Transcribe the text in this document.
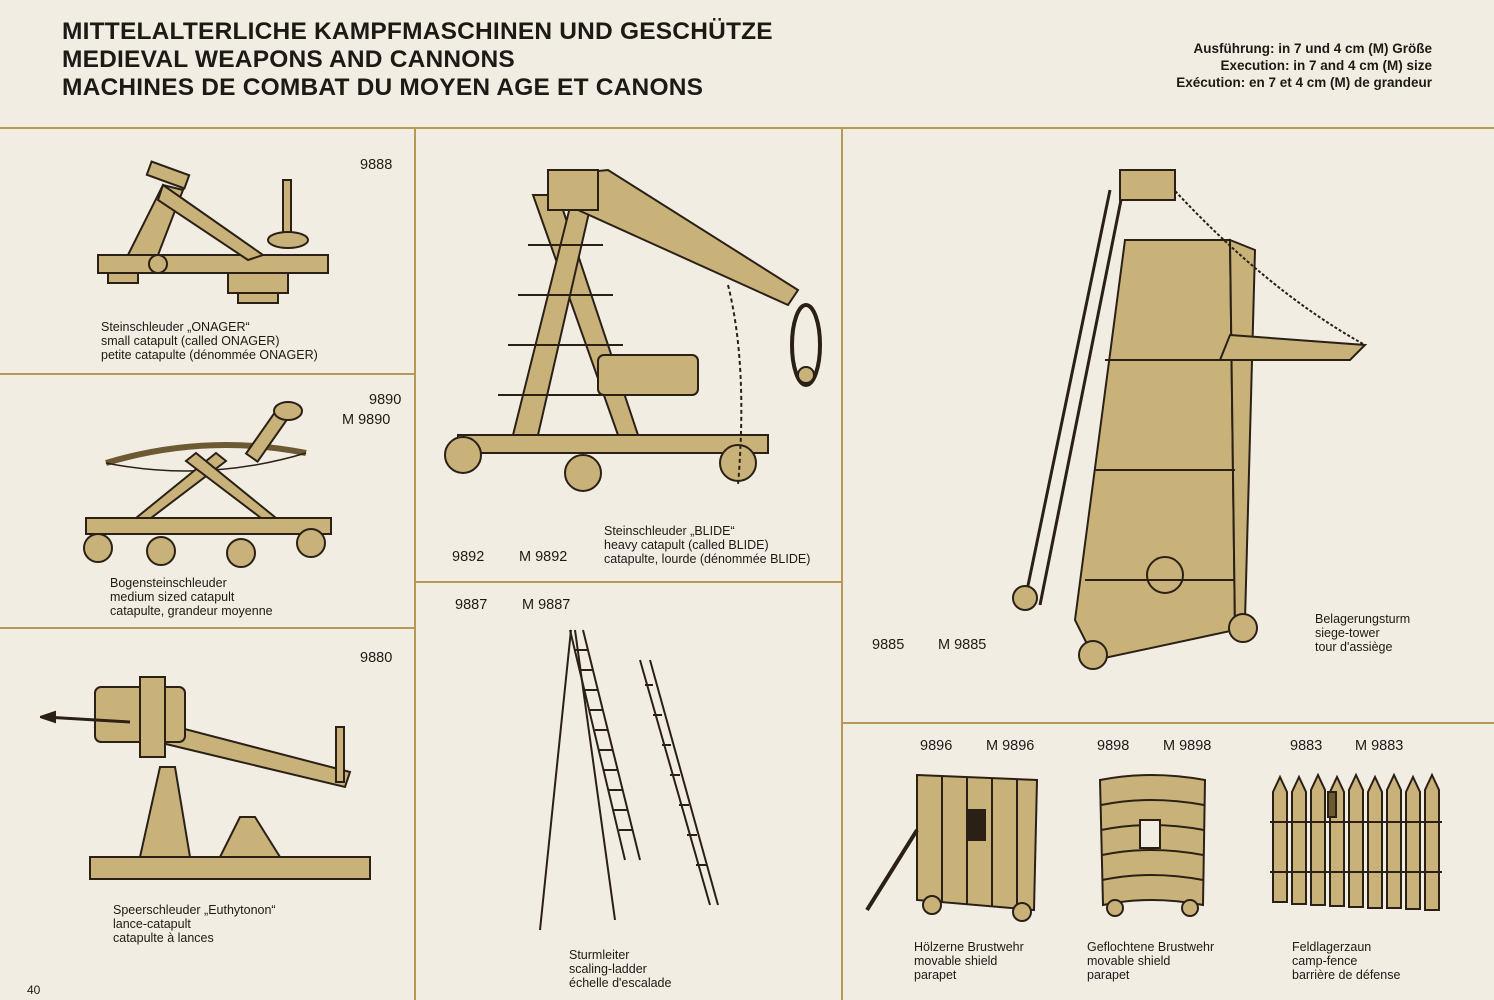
MITTELALTERLICHE KAMPFMASCHINEN UND GESCHÜTZE
MEDIEVAL WEAPONS AND CANNONS
MACHINES DE COMBAT DU MOYEN AGE ET CANONS
Ausführung: in 7 und 4 cm (M) Größe
Execution: in 7 and 4 cm (M) size
Exécution: en 7 et 4 cm (M) de grandeur
9888
Steinschleuder „ONAGER“
small catapult (called ONAGER)
petite catapulte (dénommée ONAGER)
9890
M 9890
Bogensteinschleuder
medium sized catapult
catapulte, grandeur moyenne
9880
Speerschleuder „Euthytonon“
lance-catapult
catapulte à lances
Steinschleuder „BLIDE“
heavy catapult (called BLIDE)
catapulte, lourde (dénommée BLIDE)
9892 M 9892
9887 M 9887
Sturmleiter
scaling-ladder
échelle d'escalade
9885 M 9885
Belagerungsturm
siege-tower
tour d'assiège
9896 M 9896
Hölzerne Brustwehr
movable shield
parapet
9898 M 9898
Geflochtene Brustwehr
movable shield
parapet
9883 M 9883
Feldlagerzaun
camp-fence
barrière de défense
40
